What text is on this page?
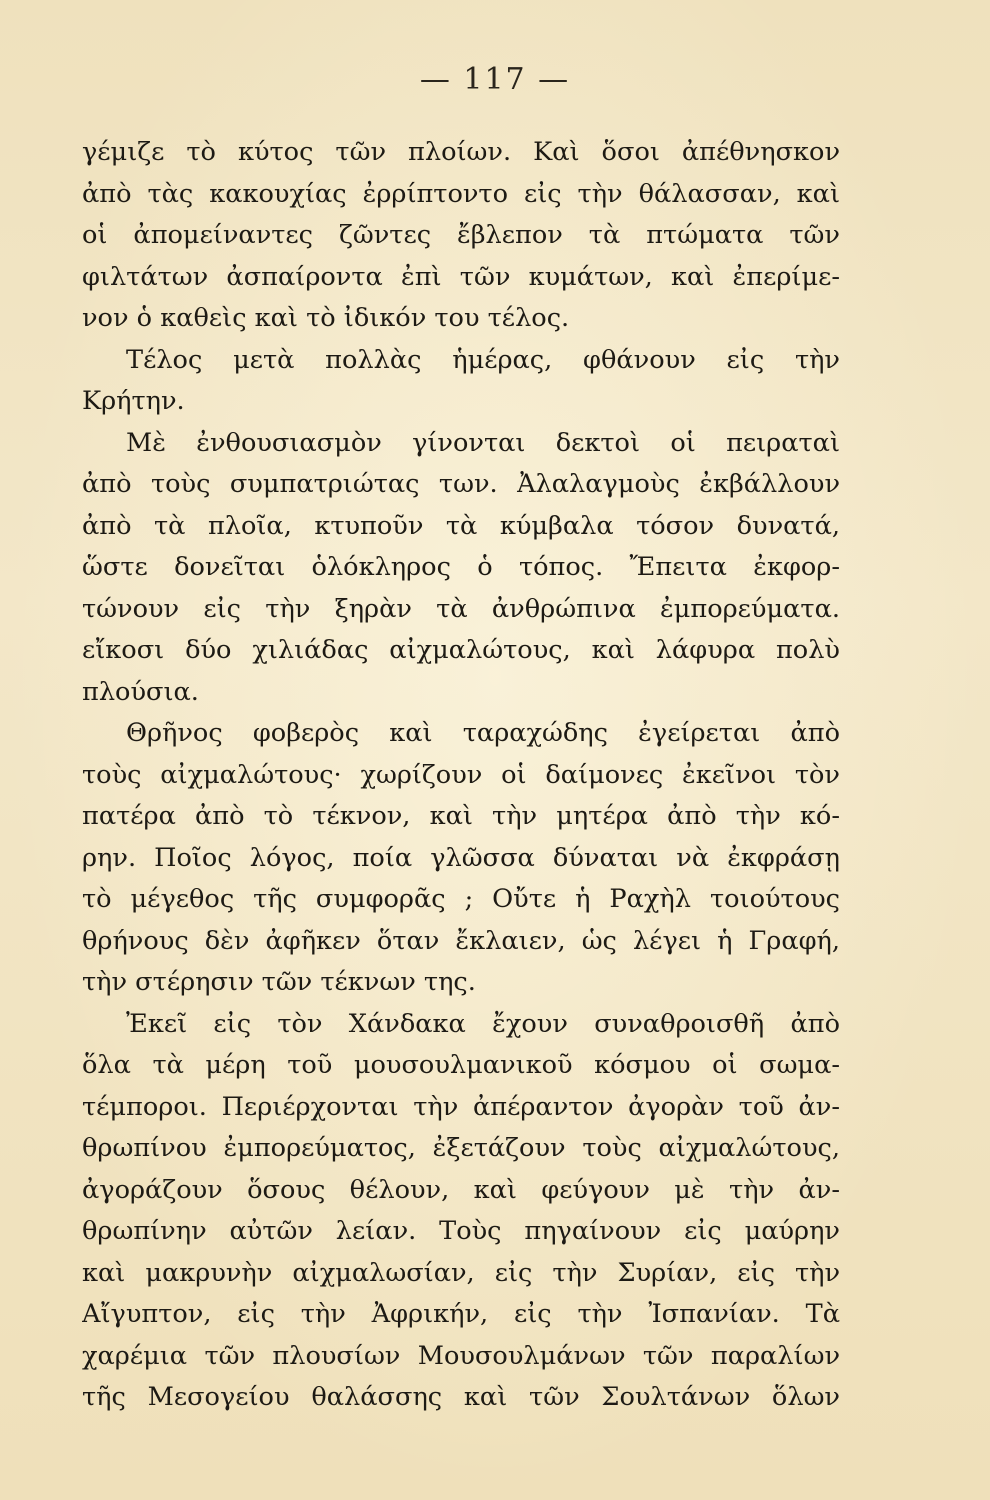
— 117 —
γέμιζε τὸ κύτος τῶν πλοίων. Καὶ ὅσοι ἀπέθνησκον
ἀπὸ τὰς κακουχίας ἐρρίπτοντο εἰς τὴν θάλασσαν, καὶ
οἱ ἀπομείναντες ζῶντες ἔβλεπον τὰ πτώματα τῶν
φιλτάτων ἀσπαίροντα ἐπὶ τῶν κυμάτων, καὶ ἐπερίμε-
νον ὁ καθεὶς καὶ τὸ ἰδικόν του τέλος.
Τέλος μετὰ πολλὰς ἡμέρας, φθάνουν εἰς τὴν
Κρήτην.
Μὲ ἐνθουσιασμὸν γίνονται δεκτοὶ οἱ πειραταὶ
ἀπὸ τοὺς συμπατριώτας των. Ἀλαλαγμοὺς ἐκβάλλουν
ἀπὸ τὰ πλοῖα, κτυποῦν τὰ κύμβαλα τόσον δυνατά,
ὥστε δονεῖται ὁλόκληρος ὁ τόπος. Ἔπειτα ἐκφορ-
τώνουν εἰς τὴν ξηρὰν τὰ ἀνθρώπινα ἐμπορεύματα.
εἴκοσι δύο χιλιάδας αἰχμαλώτους, καὶ λάφυρα πολὺ
πλούσια.
Θρῆνος φοβερὸς καὶ ταραχώδης ἐγείρεται ἀπὸ
τοὺς αἰχμαλώτους· χωρίζουν οἱ δαίμονες ἐκεῖνοι τὸν
πατέρα ἀπὸ τὸ τέκνον, καὶ τὴν μητέρα ἀπὸ τὴν κό-
ρην. Ποῖος λόγος, ποία γλῶσσα δύναται νὰ ἐκφράσῃ
τὸ μέγεθος τῆς συμφορᾶς ; Οὔτε ἡ Ραχὴλ τοιούτους
θρήνους δὲν ἀφῆκεν ὅταν ἔκλαιεν, ὡς λέγει ἡ Γραφή,
τὴν στέρησιν τῶν τέκνων της.
Ἐκεῖ εἰς τὸν Χάνδακα ἔχουν συναθροισθῆ ἀπὸ
ὅλα τὰ μέρη τοῦ μουσουλμανικοῦ κόσμου οἱ σωμα-
τέμποροι. Περιέρχονται τὴν ἀπέραντον ἀγορὰν τοῦ ἀν-
θρωπίνου ἐμπορεύματος, ἐξετάζουν τοὺς αἰχμαλώτους,
ἀγοράζουν ὅσους θέλουν, καὶ φεύγουν μὲ τὴν ἀν-
θρωπίνην αὐτῶν λείαν. Τοὺς πηγαίνουν εἰς μαύρην
καὶ μακρυνὴν αἰχμαλωσίαν, εἰς τὴν Συρίαν, εἰς τὴν
Αἴγυπτον, εἰς τὴν Ἀφρικήν, εἰς τὴν Ἰσπανίαν. Τὰ
χαρέμια τῶν πλουσίων Μουσουλμάνων τῶν παραλίων
τῆς Μεσογείου θαλάσσης καὶ τῶν Σουλτάνων ὅλων
